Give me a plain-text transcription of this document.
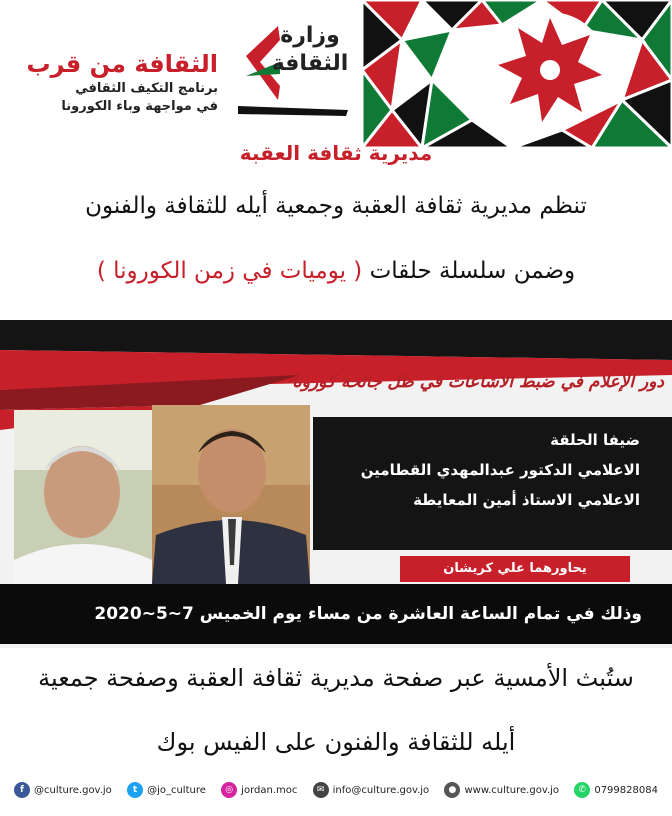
وزارة الثقافة
الثقافة من قرب
برنامج التكيف الثقافي
في مواجهة وباء الكورونا
مديرية ثقافة العقبة
تنظم مديرية ثقافة العقبة وجمعية أيله للثقافة والفنون
وضمن سلسلة حلقات ( يوميات في زمن الكورونا )
دور الإعلام في ضبط الاشاعات في ظل جائحة كورونا
ضيفا الحلقة
الاعلامي الدكتور عبدالمهدي القطامين
الاعلامي الاستاذ أمين المعايطة
يحاورهما علي كريشان
وذلك في تمام الساعة العاشرة من مساء يوم الخميس 7~5~2020
ستُبث الأمسية عبر صفحة مديرية ثقافة العقبة وصفحة جمعية
أيله للثقافة والفنون على الفيس بوك
f	@culture.gov.jo	t @jo_culture	◎ jordan.moc	✉ info@culture.gov.jo	● www.culture.gov.jo	✆ 0799828084
